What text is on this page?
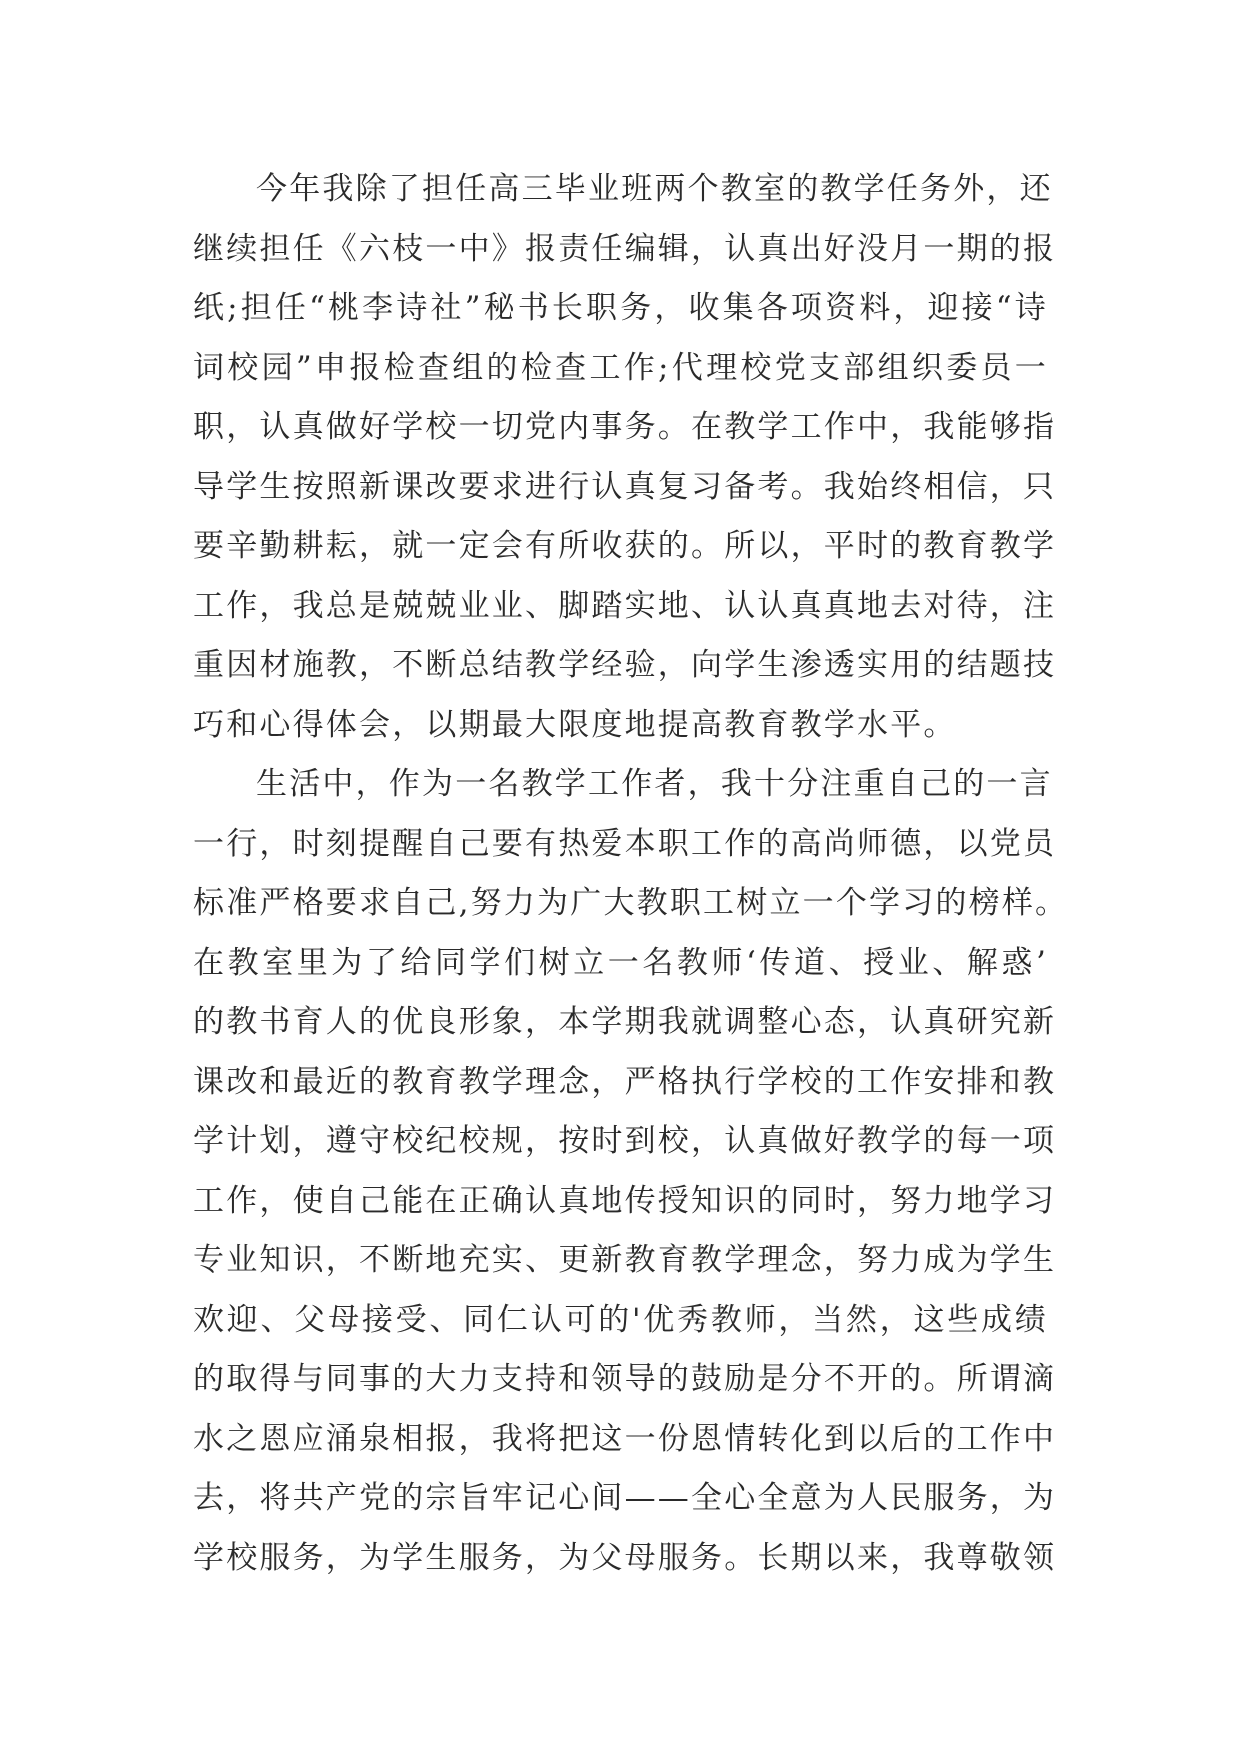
今年我除了担任高三毕业班两个教室的教学任务外，还
继续担任《六枝一中》报责任编辑，认真出好没月一期的报
纸;担任“桃李诗社”秘书长职务，收集各项资料，迎接“诗
词校园”申报检查组的检查工作;代理校党支部组织委员一
职，认真做好学校一切党内事务。在教学工作中，我能够指
导学生按照新课改要求进行认真复习备考。我始终相信，只
要辛勤耕耘，就一定会有所收获的。所以，平时的教育教学
工作，我总是兢兢业业、脚踏实地、认认真真地去对待，注
重因材施教，不断总结教学经验，向学生渗透实用的结题技
巧和心得体会，以期最大限度地提高教育教学水平。
生活中，作为一名教学工作者，我十分注重自己的一言
一行，时刻提醒自己要有热爱本职工作的高尚师德，以党员
标准严格要求自己,努力为广大教职工树立一个学习的榜样。
在教室里为了给同学们树立一名教师‘传道、授业、解惑’
的教书育人的优良形象，本学期我就调整心态，认真研究新
课改和最近的教育教学理念，严格执行学校的工作安排和教
学计划，遵守校纪校规，按时到校，认真做好教学的每一项
工作，使自己能在正确认真地传授知识的同时，努力地学习
专业知识，不断地充实、更新教育教学理念，努力成为学生
欢迎、父母接受、同仁认可的'优秀教师，当然，这些成绩
的取得与同事的大力支持和领导的鼓励是分不开的。所谓滴
水之恩应涌泉相报，我将把这一份恩情转化到以后的工作中
去，将共产党的宗旨牢记心间——全心全意为人民服务，为
学校服务，为学生服务，为父母服务。长期以来，我尊敬领
